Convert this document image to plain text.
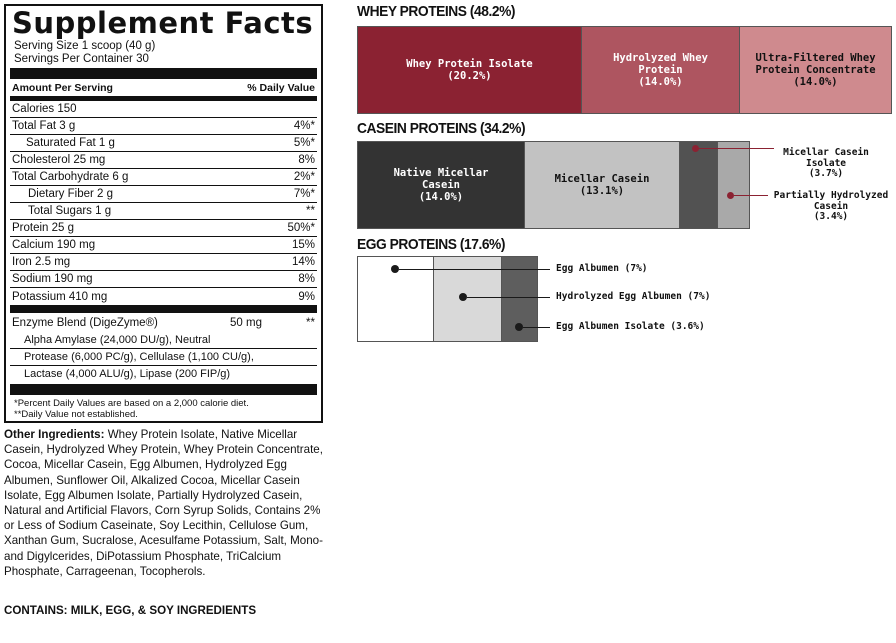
Supplement Facts
Serving Size 1 scoop (40 g)
Servings Per Container 30
Amount Per Serving	% Daily Value
Calories 150
Total Fat 3 g	4%*
Saturated Fat 1 g	5%*
Cholesterol 25 mg	8%
Total Carbohydrate 6 g	2%*
Dietary Fiber 2 g	7%*
Total Sugars 1 g	**
Protein 25 g	50%*
Calcium 190 mg	15%
Iron 2.5 mg	14%
Sodium 190 mg	8%
Potassium 410 mg	9%
Enzyme Blend (DigeZyme®)	50 mg	**
Alpha Amylase (24,000 DU/g), Neutral
Protease (6,000 PC/g), Cellulase (1,100 CU/g),
Lactase (4,000 ALU/g), Lipase (200 FIP/g)
*Percent Daily Values are based on a 2,000 calorie diet.
**Daily Value not established.
Other Ingredients: Whey Protein Isolate, Native Micellar Casein, Hydrolyzed Whey Protein, Whey Protein Concentrate, Cocoa, Micellar Casein, Egg Albumen, Hydrolyzed Egg Albumen, Sunflower Oil, Alkalized Cocoa, Micellar Casein Isolate, Egg Albumen Isolate, Partially Hydrolyzed Casein, Natural and Artificial Flavors, Corn Syrup Solids, Contains 2% or Less of Sodium Caseinate, Soy Lecithin, Cellulose Gum, Xanthan Gum, Sucralose, Acesulfame Potassium, Salt, Mono- and Digylcerides, DiPotassium Phosphate, TriCalcium Phosphate, Carrageenan, Tocopherols.
CONTAINS: MILK, EGG, & SOY INGREDIENTS
WHEY PROTEINS (48.2%)
Whey Protein Isolate
(20.2%)
Hydrolyzed Whey Protein
(14.0%)
Ultra-Filtered Whey Protein Concentrate
(14.0%)
CASEIN PROTEINS (34.2%)
Native Micellar Casein
(14.0%)
Micellar Casein
(13.1%)
Micellar Casein Isolate
(3.7%)
Partially Hydrolyzed Casein
(3.4%)
EGG PROTEINS (17.6%)
Egg Albumen (7%)
Hydrolyzed Egg Albumen (7%)
Egg Albumen Isolate (3.6%)
